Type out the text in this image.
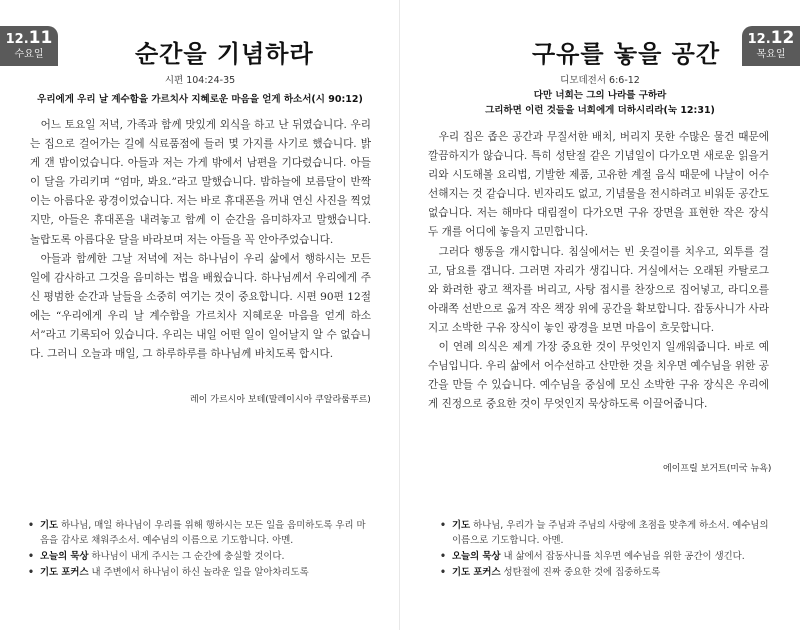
12.11
수요일	순간을 기념하라
시편 104:24-35
우리에게 우리 날 계수함을 가르치사 지혜로운 마음을 얻게 하소서(시 90:12)

어느 토요일 저녁, 가족과 함께 맛있게 외식을 하고 난 뒤였습니다. 우리는 집으로 걸어가는 길에 식료품점에 들러 몇 가지를 사기로 했습니다. 밝게 갠 밤이었습니다. 아들과 저는 가게 밖에서 남편을 기다렸습니다. 아들이 달을 가리키며 “엄마, 봐요.”라고 말했습니다. 밤하늘에 보름달이 반짝이는 아름다운 광경이었습니다. 저는 바로 휴대폰을 꺼내 연신 사진을 찍었지만, 아들은 휴대폰을 내려놓고 함께 이 순간을 음미하자고 말했습니다. 놀랍도록 아름다운 달을 바라보며 저는 아들을 꼭 안아주었습니다.

아들과 함께한 그날 저녁에 저는 하나님이 우리 삶에서 행하시는 모든 일에 감사하고 그것을 음미하는 법을 배웠습니다. 하나님께서 우리에게 주신 평범한 순간과 날들을 소중히 여기는 것이 중요합니다. 시편 90편 12절에는 “우리에게 우리 날 계수함을 가르치사 지혜로운 마음을 얻게 하소서”라고 기록되어 있습니다. 우리는 내일 어떤 일이 일어날지 알 수 없습니다. 그러니 오늘과 매일, 그 하루하루를 하나님께 바치도록 합시다.

레이 가르시아 보테(말레이시아 쿠알라룸푸르)
• 기도 하나님, 매일 하나님이 우리를 위해 행하시는 모든 일을 음미하도록 우리 마음을 감사로 채워주소서. 예수님의 이름으로 기도합니다. 아멘.
• 오늘의 묵상 하나님이 내게 주시는 그 순간에 충실할 것이다.
• 기도 포커스 내 주변에서 하나님이 하신 놀라운 일을 알아차리도록
12.12
목요일
구유를 놓을 공간
디모데전서 6:6-12
다만 너희는 그의 나라를 구하라
그리하면 이런 것들을 너희에게 더하시리라(눅 12:31)
에이프릴 보거트(미국 뉴욕)
• 기도 하나님, 우리가 늘 주님과 주님의 사랑에 초점을 맞추게 하소서. 예수님의 이름으로 기도합니다. 아멘.
• 오늘의 묵상 내 삶에서 잡동사니를 치우면 예수님을 위한 공간이 생긴다.
• 기도 포커스 성탄절에 진짜 중요한 것에 집중하도록

우리 집은 좁은 공간과 무질서한 배치, 버리지 못한 수많은 물건 때문에 깔끔하지가 않습니다. 특히 성탄절 같은 기념일이 다가오면 새로운 읽을거리와 시도해볼 요리법, 기발한 제품, 고유한 계절 음식 때문에 나날이 어수선해지는 것 같습니다. 빈자리도 없고, 기념물을 전시하려고 비워둔 공간도 없습니다. 저는 해마다 대림절이 다가오면 구유 장면을 표현한 작은 장식 두 개를 어디에 놓을지 고민합니다.

그러다 행동을 개시합니다. 침실에서는 빈 옷걸이를 치우고, 외투를 걸고, 담요를 갭니다. 그러면 자리가 생깁니다. 거실에서는 오래된 카탈로그와 화려한 광고 책자를 버리고, 사탕 접시를 찬장으로 집어넣고, 라디오를 아래쪽 선반으로 옮겨 작은 책장 위에 공간을 확보합니다. 잡동사니가 사라지고 소박한 구유 장식이 놓인 광경을 보면 마음이 흐뭇합니다.

이 연례 의식은 제게 가장 중요한 것이 무엇인지 일깨워줍니다. 바로 예수님입니다. 우리 삶에서 어수선하고 산만한 것을 치우면 예수님을 위한 공간을 만들 수 있습니다. 예수님을 중심에 모신 소박한 구유 장식은 우리에게 진정으로 중요한 것이 무엇인지 묵상하도록 이끌어줍니다.
